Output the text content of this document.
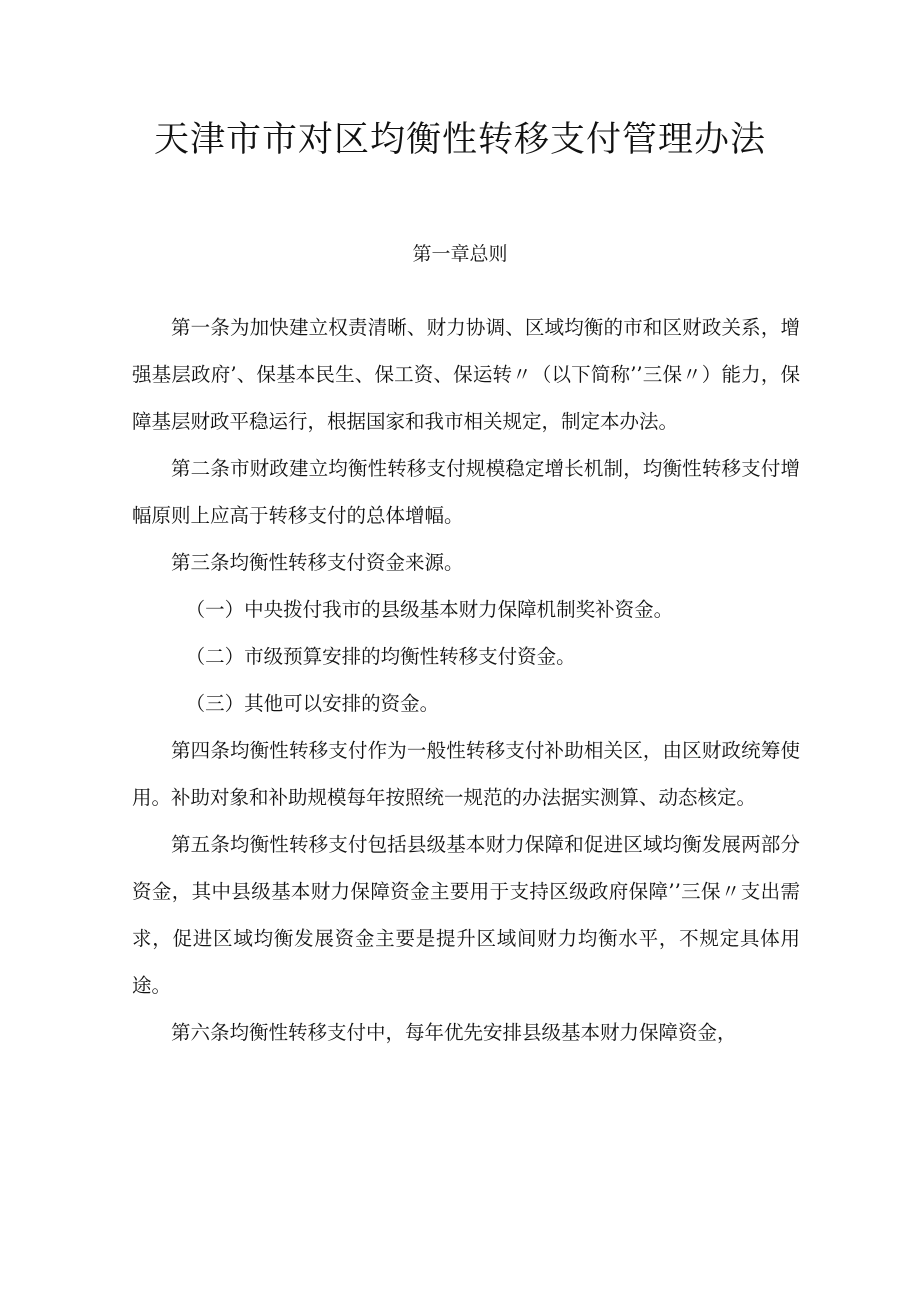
天津市市对区均衡性转移支付管理办法
第一章总则

第一条为加快建立权责清晰、财力协调、区域均衡的市和区财政关系，增强基层政府’、保基本民生、保工资、保运转〃（以下简称’’三保〃）能力，保障基层财政平稳运行，根据国家和我市相关规定，制定本办法。

第二条市财政建立均衡性转移支付规模稳定增长机制，均衡性转移支付增幅原则上应高于转移支付的总体增幅。

第三条均衡性转移支付资金来源。

（一）中央拨付我市的县级基本财力保障机制奖补资金。

（二）市级预算安排的均衡性转移支付资金。

（三）其他可以安排的资金。

第四条均衡性转移支付作为一般性转移支付补助相关区，由区财政统筹使用。补助对象和补助规模每年按照统一规范的办法据实测算、动态核定。

第五条均衡性转移支付包括县级基本财力保障和促进区域均衡发展两部分资金，其中县级基本财力保障资金主要用于支持区级政府保障’’三保〃支出需求，促进区域均衡发展资金主要是提升区域间财力均衡水平，不规定具体用途。

第六条均衡性转移支付中，每年优先安排县级基本财力保障资金，
